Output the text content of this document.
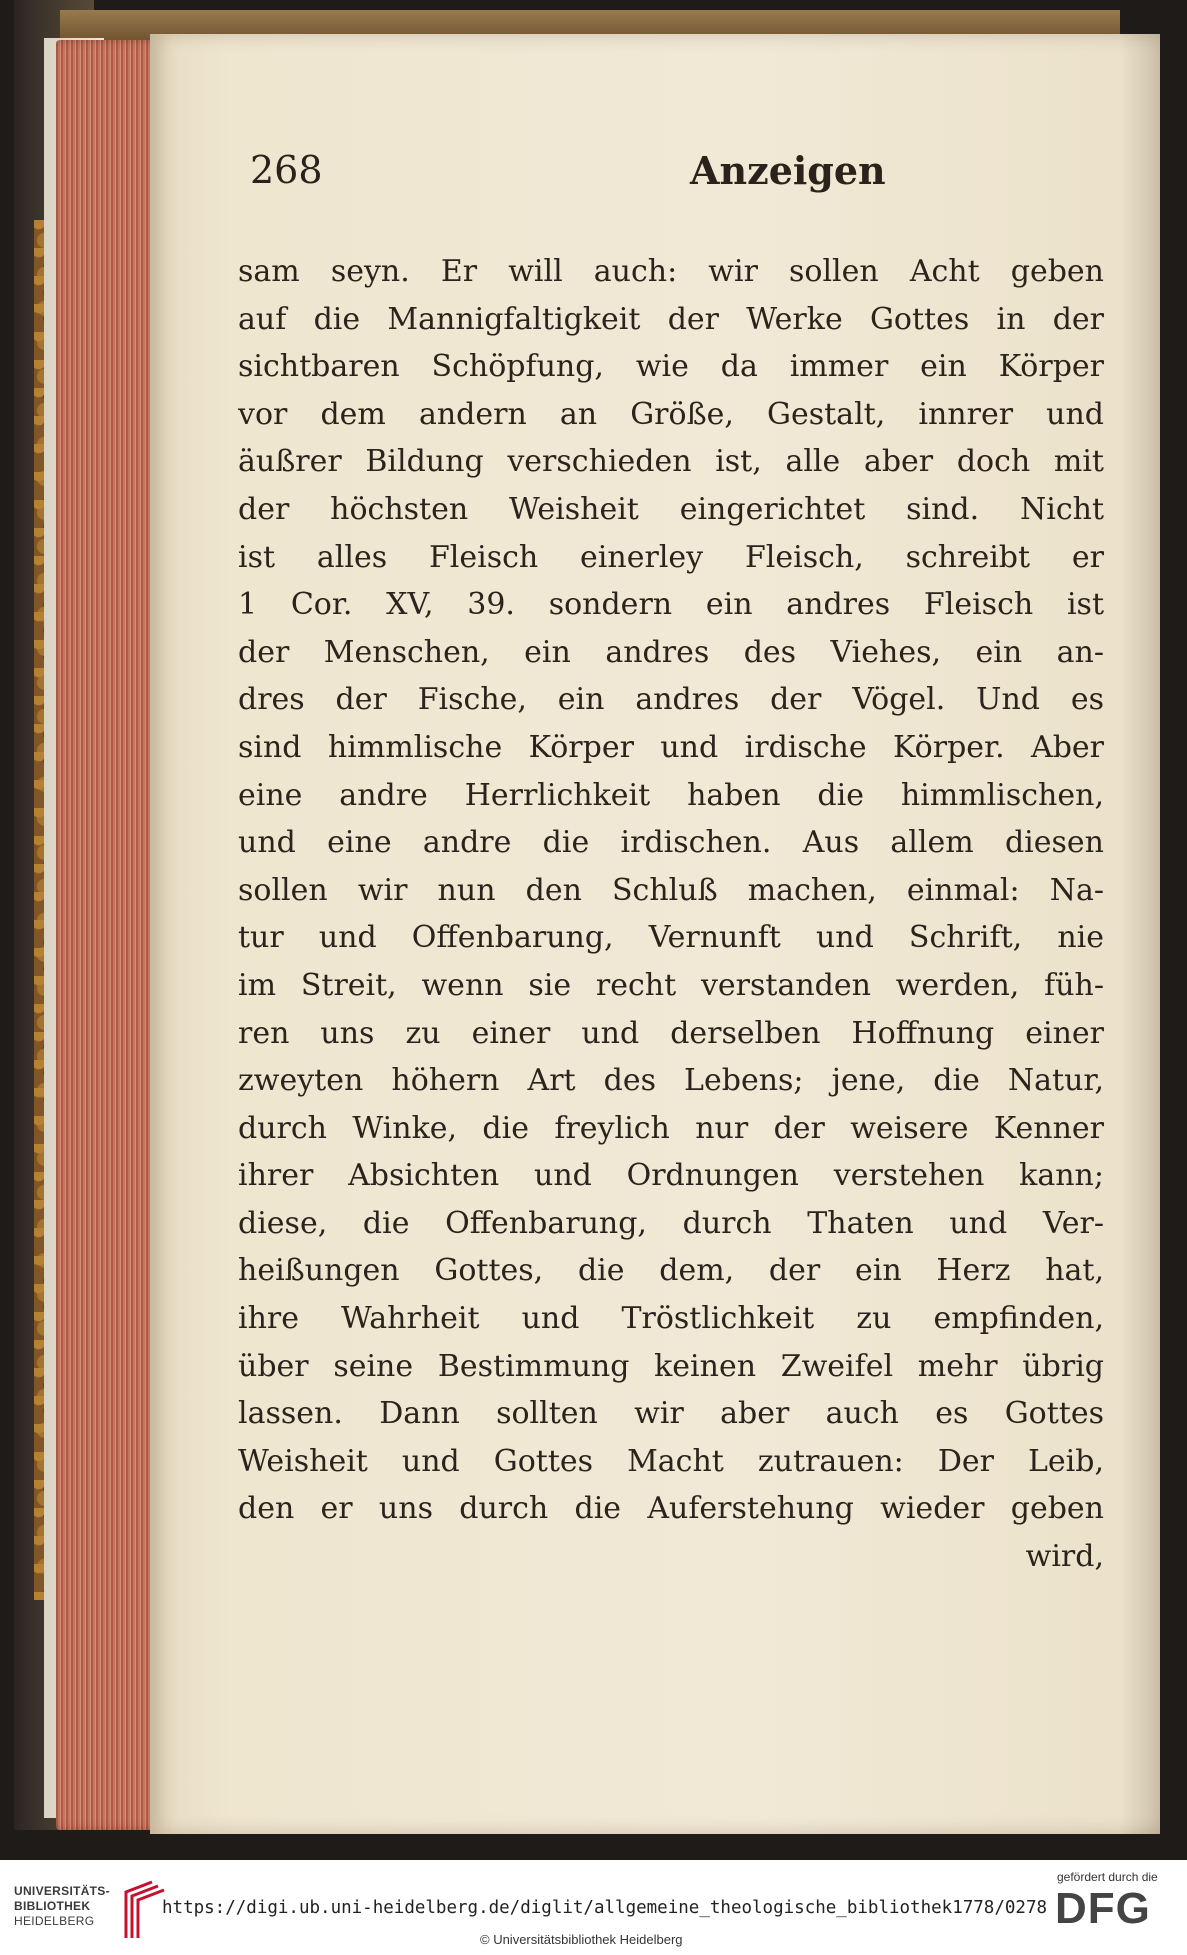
268	Anzeigen
sam seyn. Er will auch: wir sollen Acht geben
auf die Mannigfaltigkeit der Werke Gottes in der
sichtbaren Schöpfung, wie da immer ein Körper
vor dem andern an Größe, Gestalt, innrer und
äußrer Bildung verschieden ist, alle aber doch mit
der höchsten Weisheit eingerichtet sind. Nicht
ist alles Fleisch einerley Fleisch, schreibt er
1 Cor. XV, 39. sondern ein andres Fleisch ist
der Menschen, ein andres des Viehes, ein an-
dres der Fische, ein andres der Vögel. Und es
sind himmlische Körper und irdische Körper. Aber
eine andre Herrlichkeit haben die himmlischen,
und eine andre die irdischen. Aus allem diesen
sollen wir nun den Schluß machen, einmal: Na-
tur und Offenbarung, Vernunft und Schrift, nie
im Streit, wenn sie recht verstanden werden, füh-
ren uns zu einer und derselben Hoffnung einer
zweyten höhern Art des Lebens; jene, die Natur,
durch Winke, die freylich nur der weisere Kenner
ihrer Absichten und Ordnungen verstehen kann;
diese, die Offenbarung, durch Thaten und Ver-
heißungen Gottes, die dem, der ein Herz hat,
ihre Wahrheit und Tröstlichkeit zu empfinden,
über seine Bestimmung keinen Zweifel mehr übrig
lassen. Dann sollten wir aber auch es Gottes
Weisheit und Gottes Macht zutrauen: Der Leib,
den er uns durch die Auferstehung wieder geben
wird,
UNIVERSITÄTS-
BIBLIOTHEK
HEIDELBERG
https://digi.ub.uni-heidelberg.de/diglit/allgemeine_theologische_bibliothek1778/0278
© Universitätsbibliothek Heidelberg
gefördert durch die
DFG
